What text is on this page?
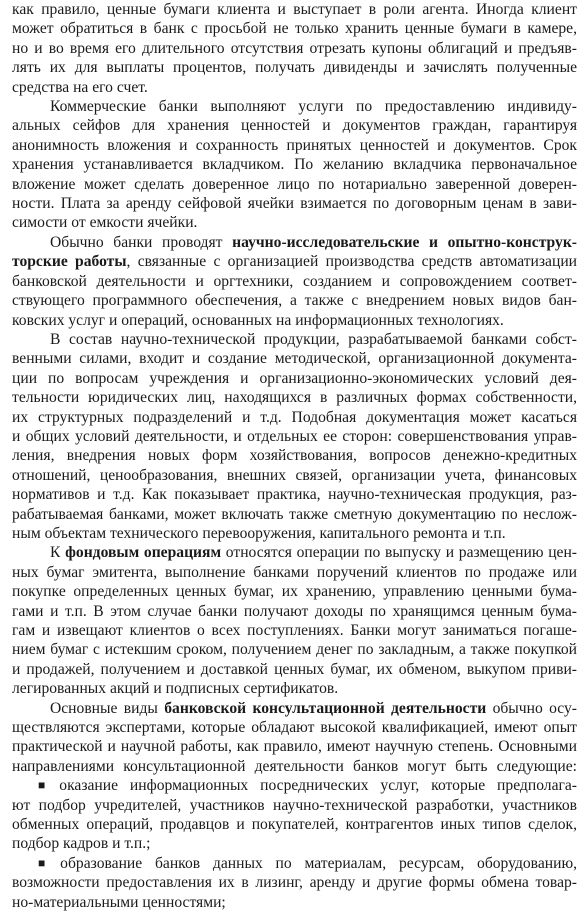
как правило, ценные бумаги клиента и выступает в роли агента. Иногда клиент
может обратиться в банк с просьбой не только хранить ценные бумаги в камере,
но и во время его длительного отсутствия отрезать купоны облигаций и предъяв-
лять их для выплаты процентов, получать дивиденды и зачислять полученные
средства на его счет.

Коммерческие банки выполняют услуги по предоставлению индивиду-
альных сейфов для хранения ценностей и документов граждан, гарантируя
анонимность вложения и сохранность принятых ценностей и документов. Срок
хранения устанавливается вкладчиком. По желанию вкладчика первоначальное
вложение может сделать доверенное лицо по нотариально заверенной доверен-
ности. Плата за аренду сейфовой ячейки взимается по договорным ценам в зави-
симости от емкости ячейки.

Обычно банки проводят научно-исследовательские и опытно-конструк-
торские работы, связанные с организацией производства средств автоматизации
банковской деятельности и оргтехники, созданием и сопровождением соответ-
ствующего программного обеспечения, а также с внедрением новых видов бан-
ковских услуг и операций, основанных на информационных технологиях.

В состав научно-технической продукции, разрабатываемой банками собст-
венными силами, входит и создание методической, организационной документа-
ции по вопросам учреждения и организационно-экономических условий дея-
тельности юридических лиц, находящихся в различных формах собственности,
их структурных подразделений и т.д. Подобная документация может касаться
и общих условий деятельности, и отдельных ее сторон: совершенствования управ-
ления, внедрения новых форм хозяйствования, вопросов денежно-кредитных
отношений, ценообразования, внешних связей, организации учета, финансовых
нормативов и т.д. Как показывает практика, научно-техническая продукция, раз-
рабатываемая банками, может включать также сметную документацию по неслож-
ным объектам технического перевооружения, капитального ремонта и т.п.

К фондовым операциям относятся операции по выпуску и размещению цен-
ных бумаг эмитента, выполнение банками поручений клиентов по продаже или
покупке определенных ценных бумаг, их хранению, управлению ценными бума-
гами и т.п. В этом случае банки получают доходы по хранящимся ценным бума-
гам и извещают клиентов о всех поступлениях. Банки могут заниматься погаше-
нием бумаг с истекшим сроком, получением денег по закладным, а также покупкой
и продажей, получением и доставкой ценных бумаг, их обменом, выкупом приви-
легированных акций и подписных сертификатов.

Основные виды банковской консультационной деятельности обычно осу-
ществляются экспертами, которые обладают высокой квалификацией, имеют опыт
практической и научной работы, как правило, имеют научную степень. Основными
направлениями консультационной деятельности банков могут быть следующие:

■ оказание информационных посреднических услуг, которые предполага-
ют подбор учредителей, участников научно-технической разработки, участников
обменных операций, продавцов и покупателей, контрагентов иных типов сделок,
подбор кадров и т.п.;

■ образование банков данных по материалам, ресурсам, оборудованию,
возможности предоставления их в лизинг, аренду и другие формы обмена товар-
но-материальными ценностями;
